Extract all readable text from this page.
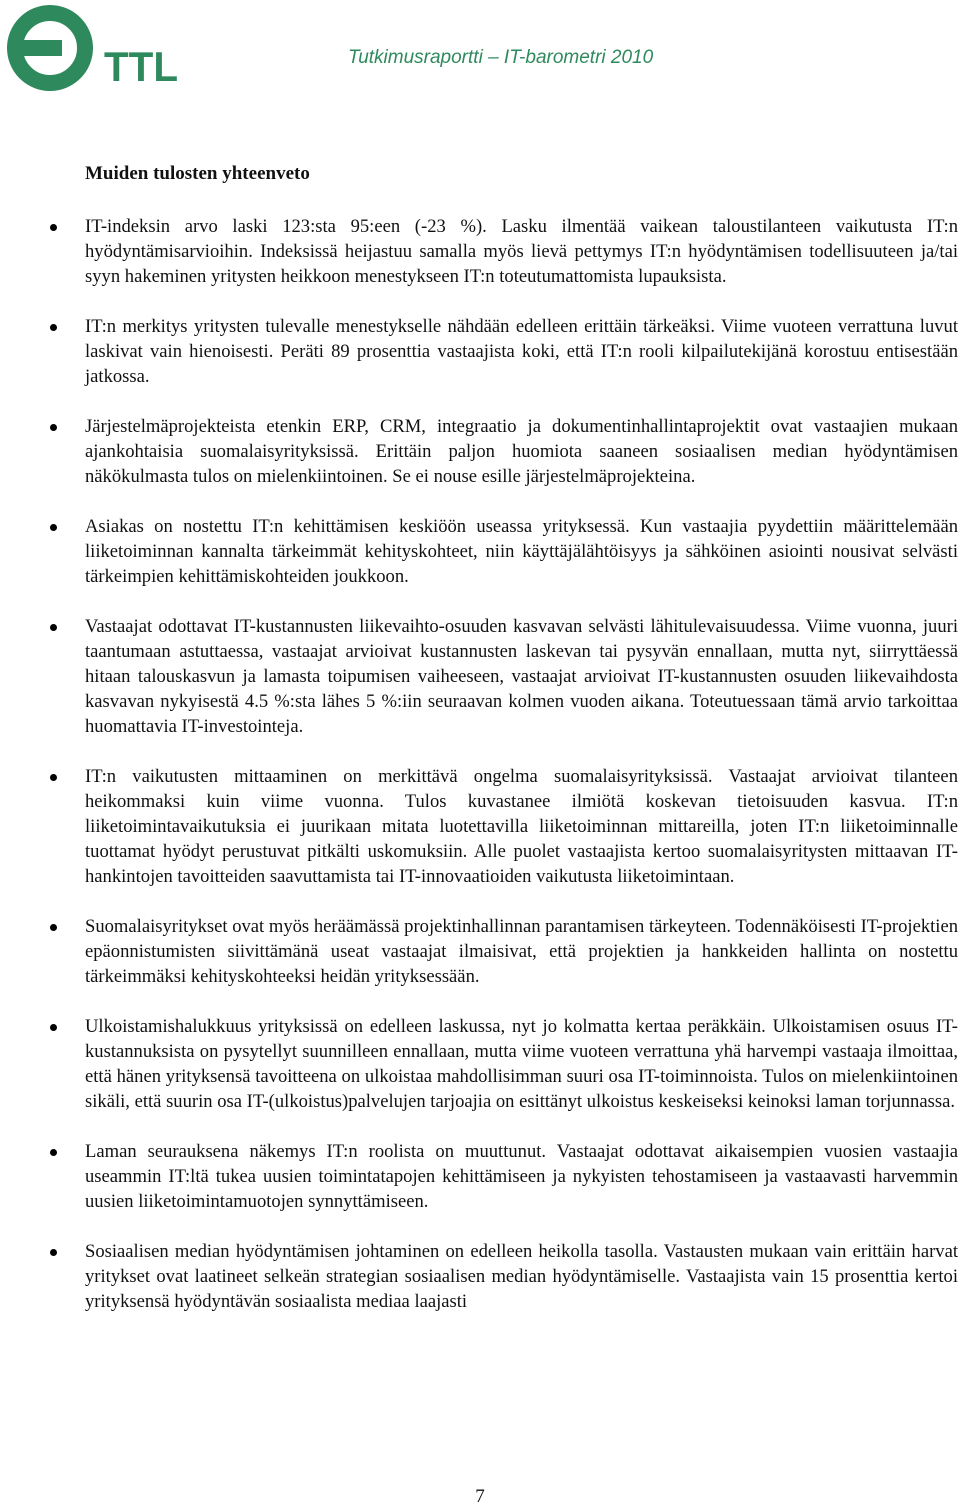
TTL	Tutkimusraportti – IT-barometri 2010
Muiden tulosten yhteenveto
IT-indeksin arvo laski 123:sta 95:een (-23 %). Lasku ilmentää vaikean taloustilanteen vaikutusta IT:n hyödyntämisarvioihin. Indeksissä heijastuu samalla myös lievä pettymys IT:n hyödyntämisen todellisuuteen ja/tai syyn hakeminen yritysten heikkoon menestykseen IT:n toteutumattomista lupauksista.
IT:n merkitys yritysten tulevalle menestykselle nähdään edelleen erittäin tärkeäksi. Viime vuoteen verrattuna luvut laskivat vain hienoisesti. Peräti 89 prosenttia vastaajista koki, että IT:n rooli kilpailutekijänä korostuu entisestään jatkossa.
Järjestelmäprojekteista etenkin ERP, CRM, integraatio ja dokumentinhallintaprojektit ovat vastaajien mukaan ajankohtaisia suomalaisyrityksissä. Erittäin paljon huomiota saaneen sosiaalisen median hyödyntämisen näkökulmasta tulos on mielenkiintoinen. Se ei nouse esille järjestelmäprojekteina.
Asiakas on nostettu IT:n kehittämisen keskiöön useassa yrityksessä. Kun vastaajia pyydettiin määrittelemään liiketoiminnan kannalta tärkeimmät kehityskohteet, niin käyttäjälähtöisyys ja sähköinen asiointi nousivat selvästi tärkeimpien kehittämiskohteiden joukkoon.
Vastaajat odottavat IT-kustannusten liikevaihto-osuuden kasvavan selvästi lähitulevaisuudessa. Viime vuonna, juuri taantumaan astuttaessa, vastaajat arvioivat kustannusten laskevan tai pysyvän ennallaan, mutta nyt, siirryttäessä hitaan talouskasvun ja lamasta toipumisen vaiheeseen, vastaajat arvioivat IT-kustannusten osuuden liikevaihdosta kasvavan nykyisestä 4.5 %:sta lähes 5 %:iin seuraavan kolmen vuoden aikana. Toteutuessaan tämä arvio tarkoittaa huomattavia IT-investointeja.
IT:n vaikutusten mittaaminen on merkittävä ongelma suomalaisyrityksissä. Vastaajat arvioivat tilanteen heikommaksi kuin viime vuonna. Tulos kuvastanee ilmiötä koskevan tietoisuuden kasvua. IT:n liiketoimintavaikutuksia ei juurikaan mitata luotettavilla liiketoiminnan mittareilla, joten IT:n liiketoiminnalle tuottamat hyödyt perustuvat pitkälti uskomuksiin. Alle puolet vastaajista kertoo suomalaisyritysten mittaavan IT-hankintojen tavoitteiden saavuttamista tai IT-innovaatioiden vaikutusta liiketoimintaan.
Suomalaisyritykset ovat myös heräämässä projektinhallinnan parantamisen tärkeyteen. Todennäköisesti IT-projektien epäonnistumisten siivittämänä useat vastaajat ilmaisivat, että projektien ja hankkeiden hallinta on nostettu tärkeimmäksi kehityskohteeksi heidän yrityksessään.
Ulkoistamishalukkuus yrityksissä on edelleen laskussa, nyt jo kolmatta kertaa peräkkäin. Ulkoistamisen osuus IT-kustannuksista on pysytellyt suunnilleen ennallaan, mutta viime vuoteen verrattuna yhä harvempi vastaaja ilmoittaa, että hänen yrityksensä tavoitteena on ulkoistaa mahdollisimman suuri osa IT-toiminnoista. Tulos on mielenkiintoinen sikäli, että suurin osa IT-(ulkoistus)palvelujen tarjoajia on esittänyt ulkoistus keskeiseksi keinoksi laman torjunnassa.
Laman seurauksena näkemys IT:n roolista on muuttunut. Vastaajat odottavat aikaisempien vuosien vastaajia useammin IT:ltä tukea uusien toimintatapojen kehittämiseen ja nykyisten tehostamiseen ja vastaavasti harvemmin uusien liiketoimintamuotojen synnyttämiseen.
Sosiaalisen median hyödyntämisen johtaminen on edelleen heikolla tasolla. Vastausten mukaan vain erittäin harvat yritykset ovat laatineet selkeän strategian sosiaalisen median hyödyntämiselle. Vastaajista vain 15 prosenttia kertoi yrityksensä hyödyntävän sosiaalista mediaa laajasti
7
